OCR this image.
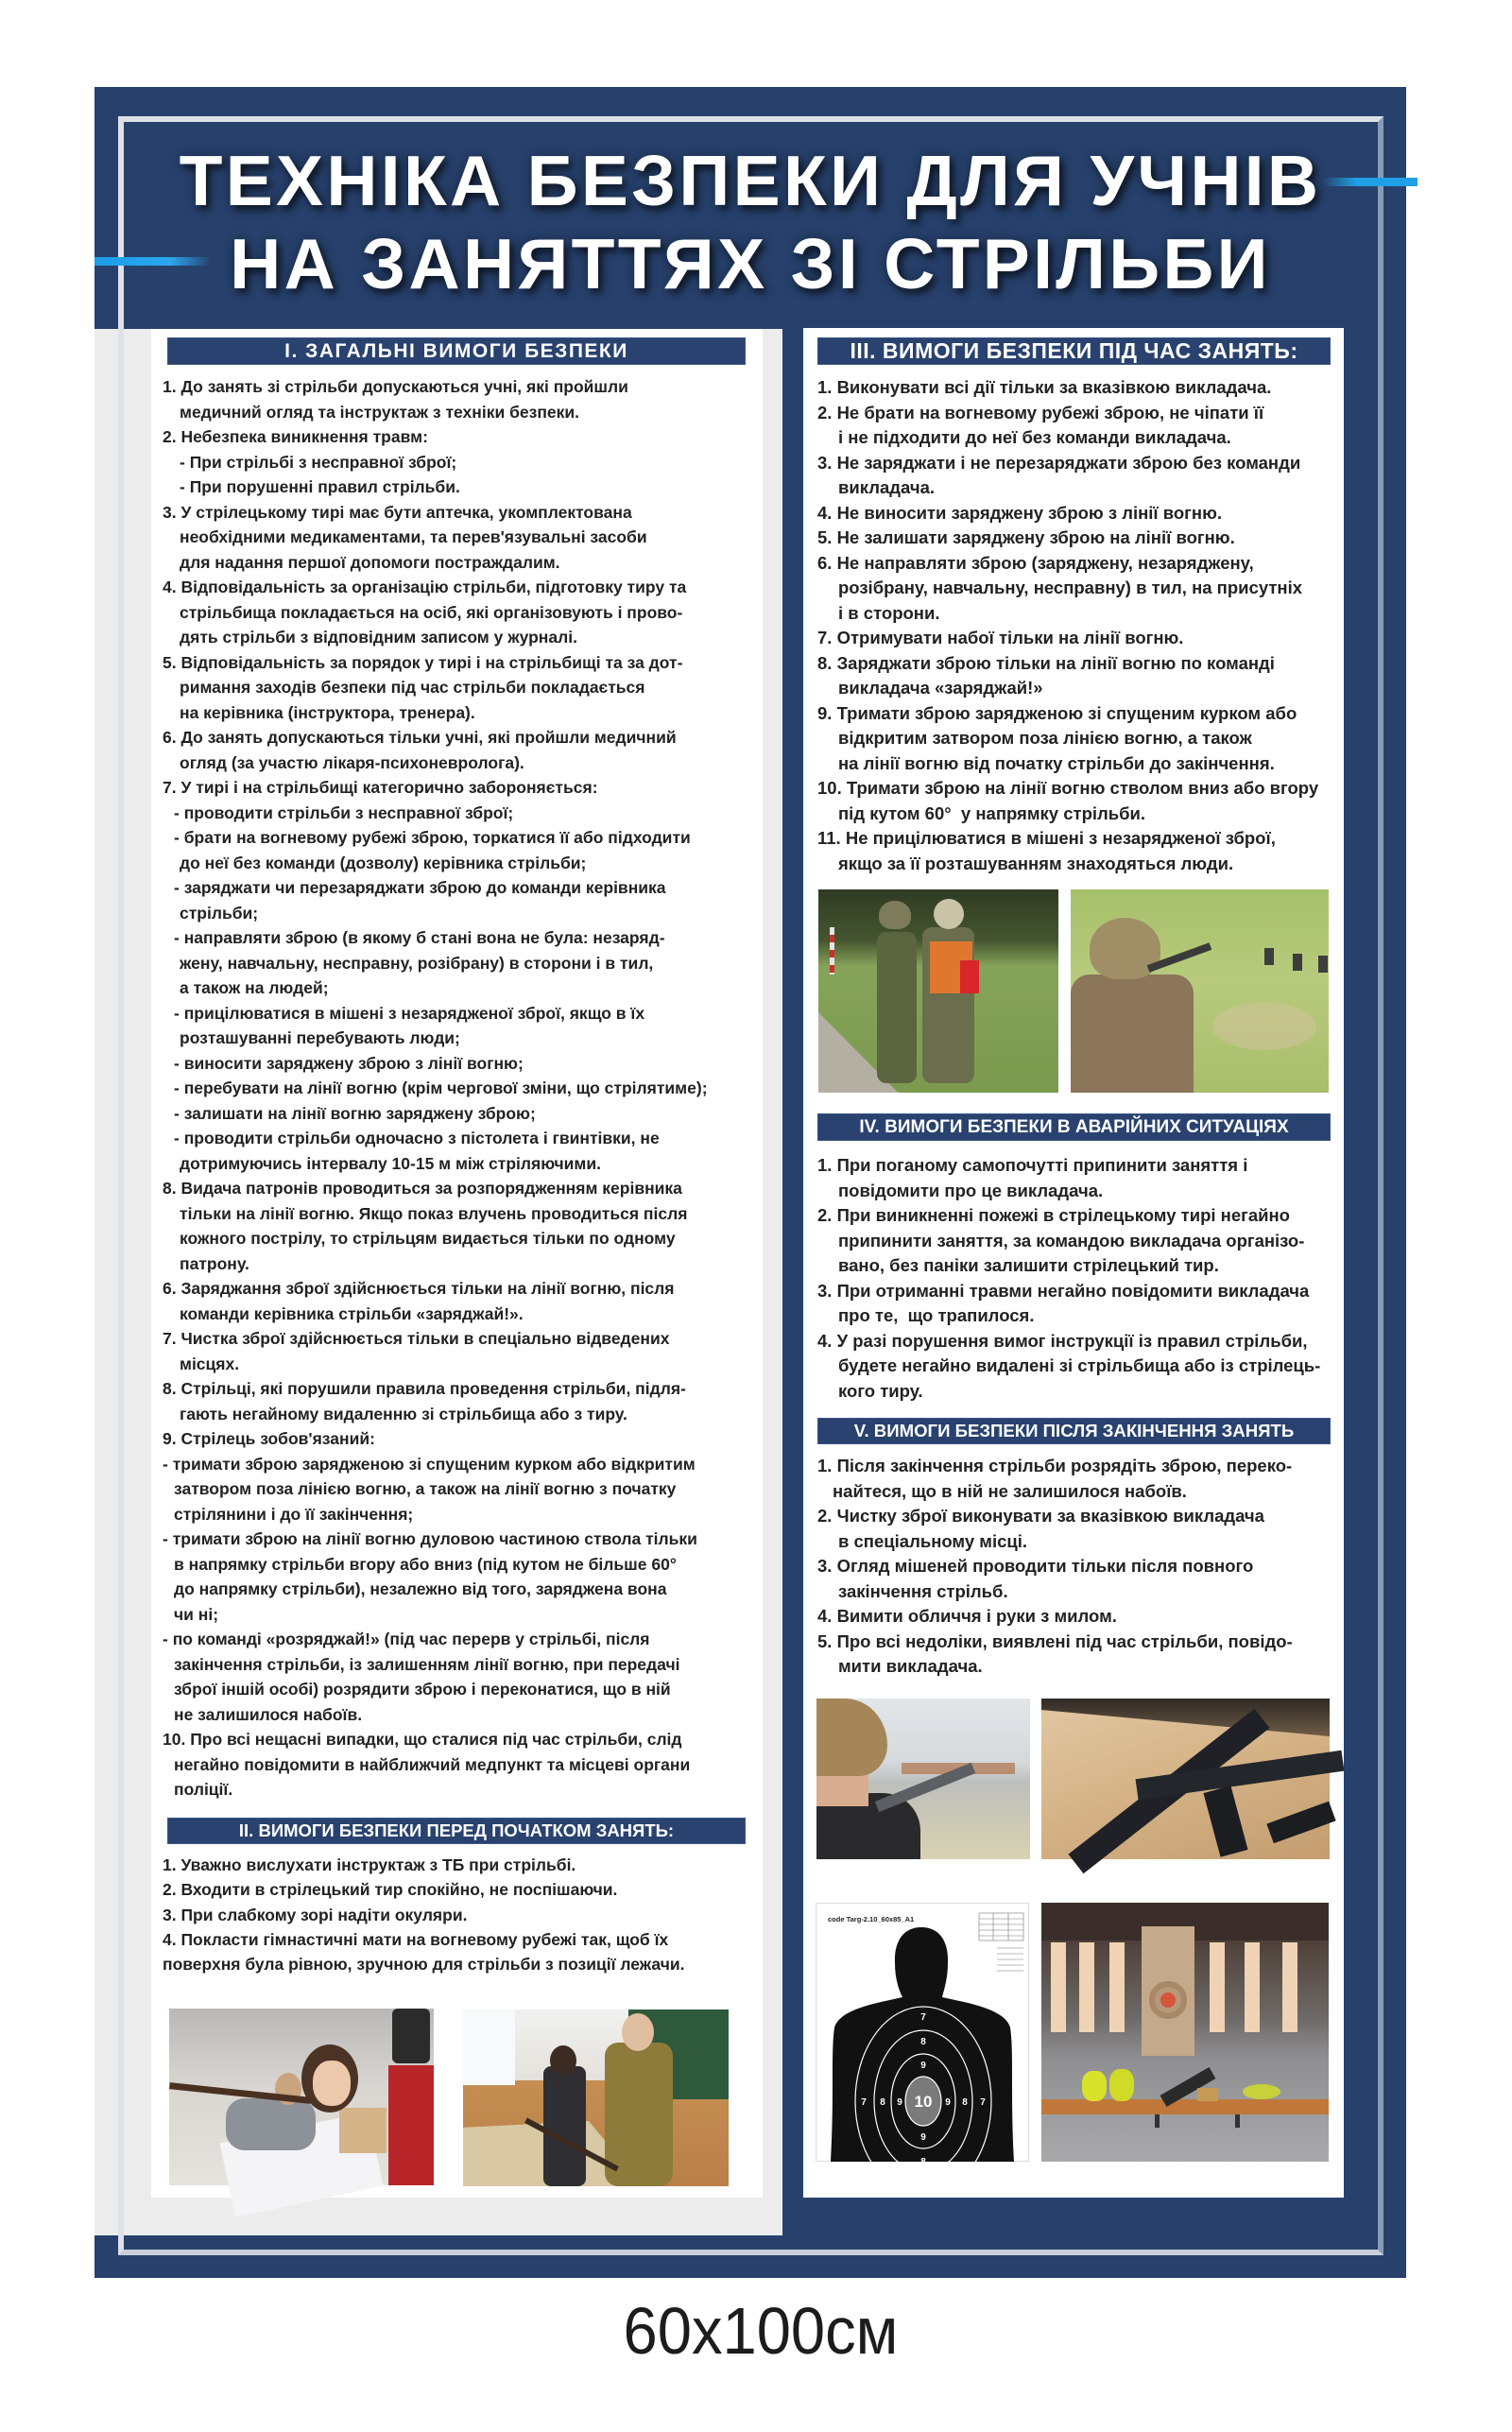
ТЕХНІКА БЕЗПЕКИ ДЛЯ УЧНІВ
НА ЗАНЯТТЯХ ЗІ СТРІЛЬБИ
І. ЗАГАЛЬНІ ВИМОГИ БЕЗПЕКИ
1. До занять зі стрільби допускаються учні, які пройшли
медичний огляд та інструктаж з техніки безпеки.
2. Небезпека виникнення травм:
- При стрільбі з несправної зброї;
- При порушенні правил стрільби.
3. У стрілецькому тирі має бути аптечка, укомплектована
необхідними медикаментами, та перев'язувальні засоби
для надання першої допомоги постраждалим.
4. Відповідальність за організацію стрільби, підготовку тиру та
стрільбища покладається на осіб, які організовують і прово-
дять стрільби з відповідним записом у журналі.
5. Відповідальність за порядок у тирі і на стрільбищі та за дот-
римання заходів безпеки під час стрільби покладається
на керівника (інструктора, тренера).
6. До занять допускаються тільки учні, які пройшли медичний
огляд (за участю лікаря-психоневролога).
7. У тирі і на стрільбищі категорично забороняється:
- проводити стрільби з несправної зброї;
- брати на вогневому рубежі зброю, торкатися її або підходити
до неї без команди (дозволу) керівника стрільби;
- заряджати чи перезаряджати зброю до команди керівника
стрільби;
- направляти зброю (в якому б стані вона не була: незаряд-
жену, навчальну, несправну, розібрану) в сторони і в тил,
а також на людей;
- прицілюватися в мішені з незарядженої зброї, якщо в їх
розташуванні перебувають люди;
- виносити заряджену зброю з лінії вогню;
- перебувати на лінії вогню (крім чергової зміни, що стрілятиме);
- залишати на лінії вогню заряджену зброю;
- проводити стрільби одночасно з пістолета і гвинтівки, не
дотримуючись інтервалу 10-15 м між стріляючими.
8. Видача патронів проводиться за розпорядженням керівника
тільки на лінії вогню. Якщо показ влучень проводиться після
кожного пострілу, то стрільцям видається тільки по одному
патрону.
6. Заряджання зброї здійснюється тільки на лінії вогню, після
команди керівника стрільби «заряджай!».
7. Чистка зброї здійснюється тільки в спеціально відведених
місцях.
8. Стрільці, які порушили правила проведення стрільби, підля-
гають негайному видаленню зі стрільбища або з тиру.
9. Стрілець зобов'язаний:
- тримати зброю зарядженою зі спущеним курком або відкритим
затвором поза лінією вогню, а також на лінії вогню з початку
стрілянини і до її закінчення;
- тримати зброю на лінії вогню дуловою частиною ствола тільки
в напрямку стрільби вгору або вниз (під кутом не більше 60°
до напрямку стрільби), незалежно від того, заряджена вона
чи ні;
- по команді «розряджай!» (під час перерв у стрільбі, після
закінчення стрільби, із залишенням лінії вогню, при передачі
зброї іншій особі) розрядити зброю і переконатися, що в ній
не залишилося набоїв.
10. Про всі нещасні випадки, що сталися під час стрільби, слід
негайно повідомити в найближчий медпункт та місцеві органи
поліції.
ІІ. ВИМОГИ БЕЗПЕКИ ПЕРЕД ПОЧАТКОМ ЗАНЯТЬ:
1. Уважно вислухати інструктаж з ТБ при стрільбі.
2. Входити в стрілецький тир спокійно, не поспішаючи.
3. При слабкому зорі надіти окуляри.
4. Покласти гімнастичні мати на вогневому рубежі так, щоб їх
поверхня була рівною, зручною для стрільби з позиції лежачи.
ІІІ. ВИМОГИ БЕЗПЕКИ ПІД ЧАС ЗАНЯТЬ:
1. Виконувати всі дії тільки за вказівкою викладача.
2. Не брати на вогневому рубежі зброю, не чіпати її
і не підходити до неї без команди викладача.
3. Не заряджати і не перезаряджати зброю без команди
викладача.
4. Не виносити заряджену зброю з лінії вогню.
5. Не залишати заряджену зброю на лінії вогню.
6. Не направляти зброю (заряджену, незаряджену,
розібрану, навчальну, несправну) в тил, на присутніх
і в сторони.
7. Отримувати набої тільки на лінії вогню.
8. Заряджати зброю тільки на лінії вогню по команді
викладача «заряджай!»
9. Тримати зброю зарядженою зі спущеним курком або
відкритим затвором поза лінією вогню, а також
на лінії вогню від початку стрільби до закінчення.
10. Тримати зброю на лінії вогню стволом вниз або вгору
під кутом 60°  у напрямку стрільби.
11. Не прицілюватися в мішені з незарядженої зброї,
якщо за її розташуванням знаходяться люди.
IV. ВИМОГИ БЕЗПЕКИ В АВАРІЙНИХ СИТУАЦІЯХ
1. При поганому самопочутті припинити заняття і
повідомити про це викладача.
2. При виникненні пожежі в стрілецькому тирі негайно
припинити заняття, за командою викладача організо-
вано, без паніки залишити стрілецький тир.
3. При отриманні травми негайно повідомити викладача
про те,  що трапилося.
4. У разі порушення вимог інструкції із правил стрільби,
будете негайно видалені зі стрільбища або із стрілець-
кого тиру.
V. ВИМОГИ БЕЗПЕКИ ПІСЛЯ ЗАКІНЧЕННЯ ЗАНЯТЬ
1. Після закінчення стрільби розрядіть зброю, переко-
найтеся, що в ній не залишилося набоїв.
2. Чистку зброї виконувати за вказівкою викладача
в спеціальному місці.
3. Огляд мішеней проводити тільки після повного
закінчення стрільб.
4. Вимити обличчя і руки з милом.
5. Про всі недоліки, виявлені під час стрільби, повідо-
мити викладача.
code Targ-2.10_60x85_A1
7
8
9
10
9
8
7 8 9	9 8 7
60x100см
